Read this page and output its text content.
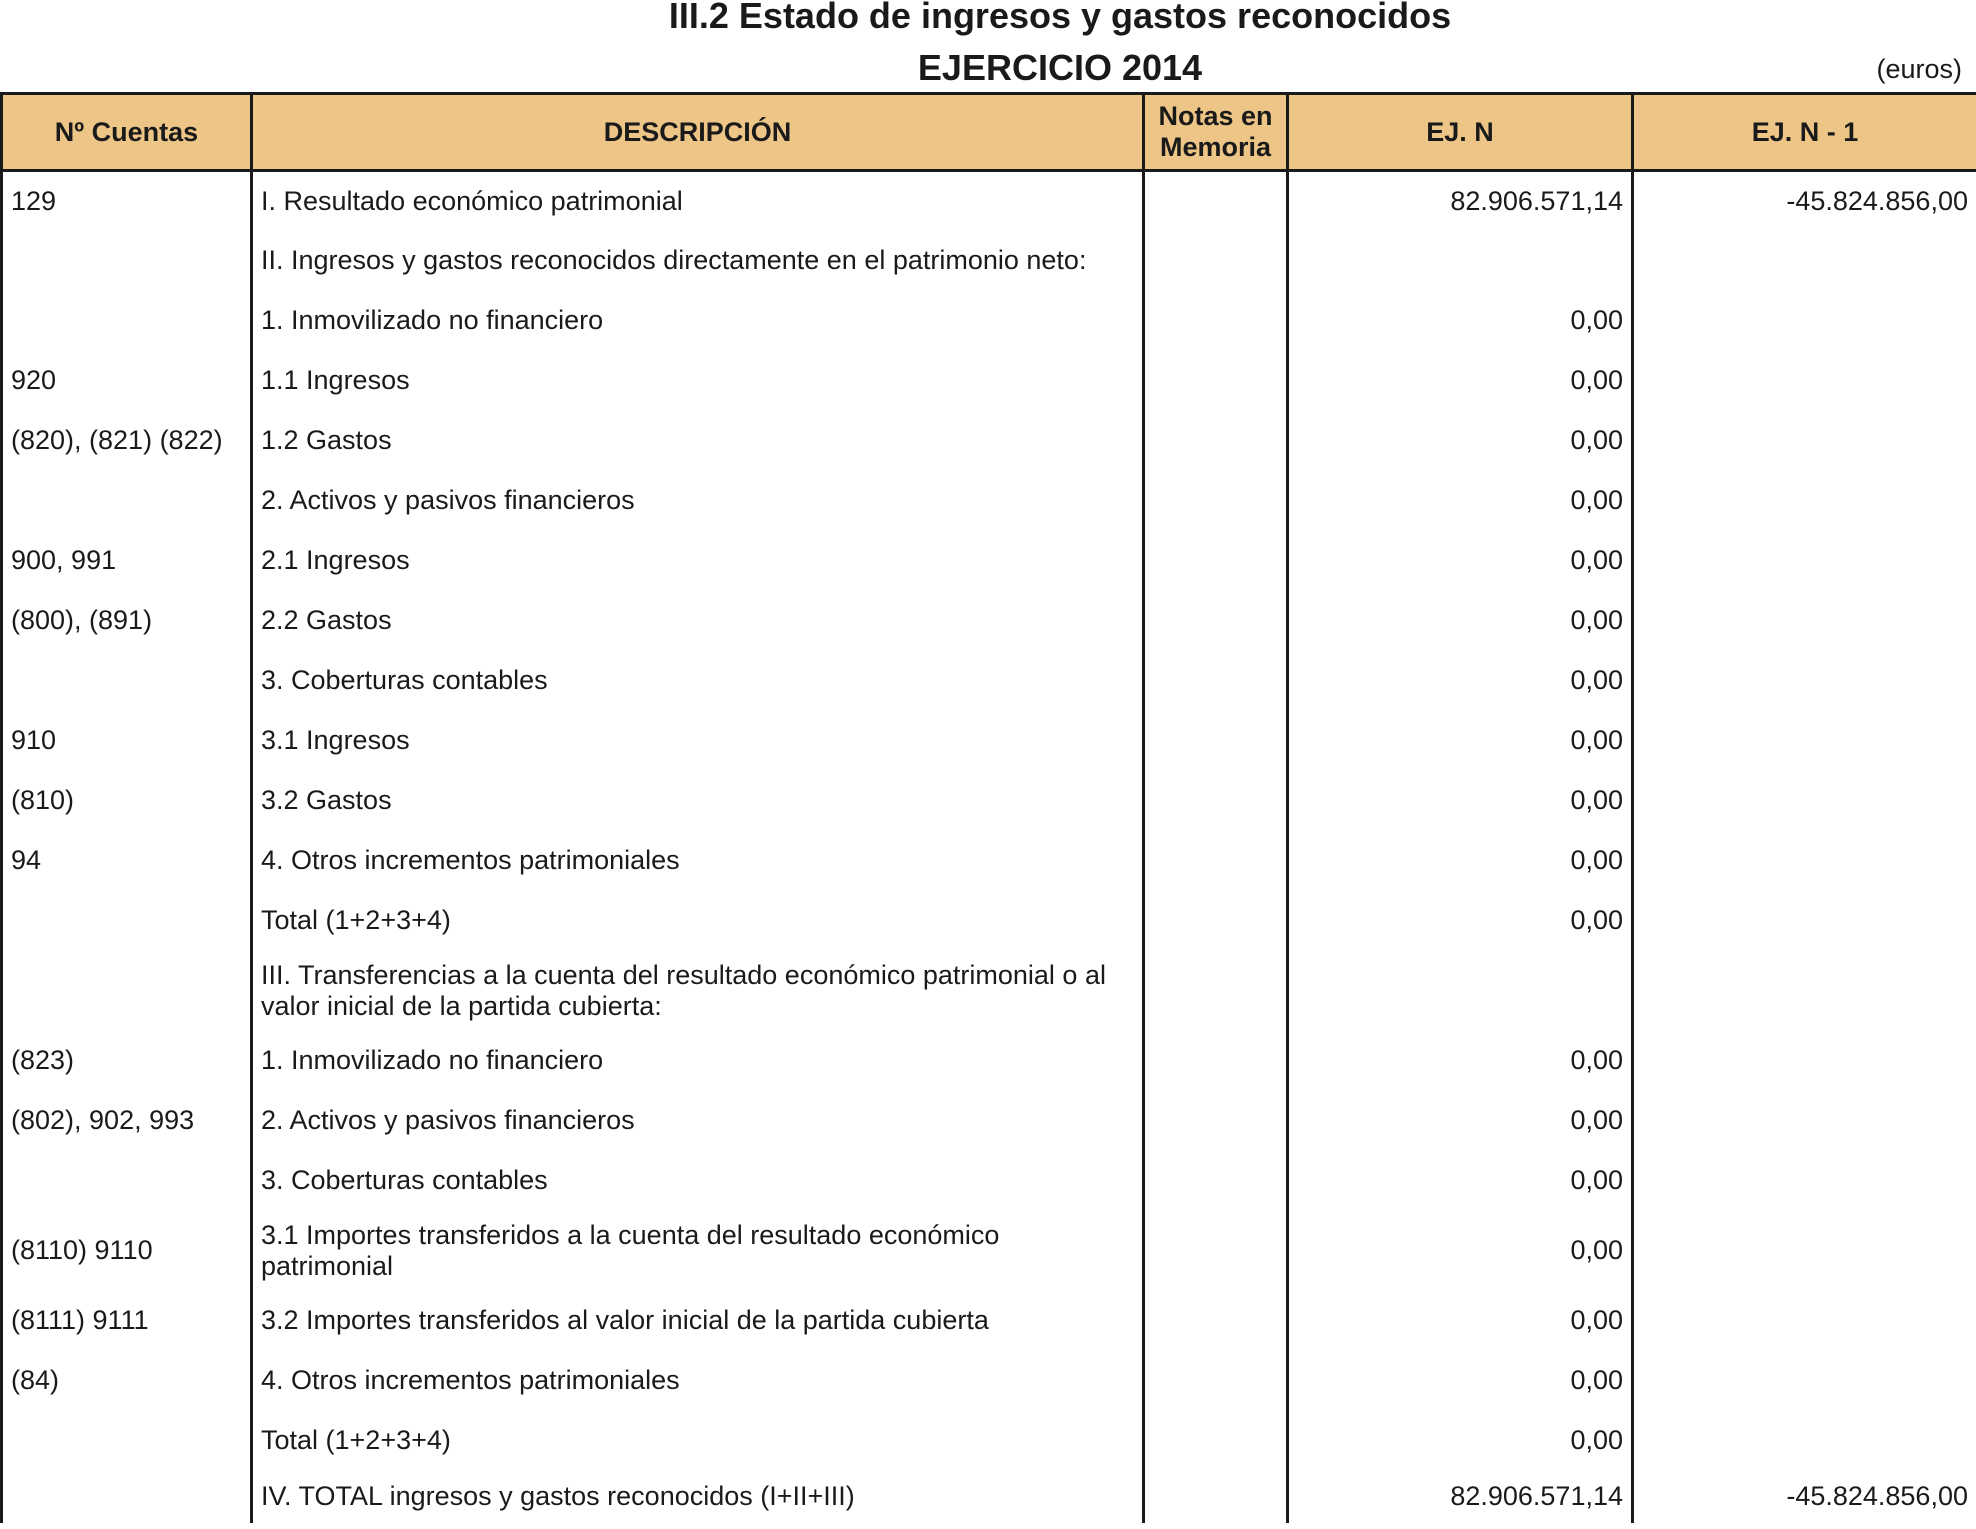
III.2 Estado de ingresos y gastos reconocidos
EJERCICIO 2014	(euros)
Nº Cuentas	DESCRIPCIÓN	Notas en Memoria	EJ. N	EJ. N - 1
129	I. Resultado económico patrimonial		82.906.571,14	-45.824.856,00
	II. Ingresos y gastos reconocidos directamente en el patrimonio neto:			
	1. Inmovilizado no financiero		0,00	
920	1.1 Ingresos		0,00	
(820), (821) (822)	1.2 Gastos		0,00	
	2. Activos y pasivos financieros		0,00	
900, 991	2.1 Ingresos		0,00	
(800), (891)	2.2 Gastos		0,00	
	3. Coberturas contables		0,00	
910	3.1 Ingresos		0,00	
(810)	3.2 Gastos		0,00	
94	4. Otros incrementos patrimoniales		0,00	
	Total (1+2+3+4)		0,00	
	III. Transferencias a la cuenta del resultado económico patrimonial o al valor inicial de la partida cubierta:			
(823)	1. Inmovilizado no financiero		0,00	
(802), 902, 993	2. Activos y pasivos financieros		0,00	
	3. Coberturas contables		0,00	
(8110) 9110	3.1 Importes transferidos a la cuenta del resultado económico patrimonial		0,00	
(8111) 9111	3.2 Importes transferidos al valor inicial de la partida cubierta		0,00	
(84)	4. Otros incrementos patrimoniales		0,00	
	Total (1+2+3+4)		0,00	
	IV. TOTAL ingresos y gastos reconocidos (I+II+III)		82.906.571,14	-45.824.856,00
